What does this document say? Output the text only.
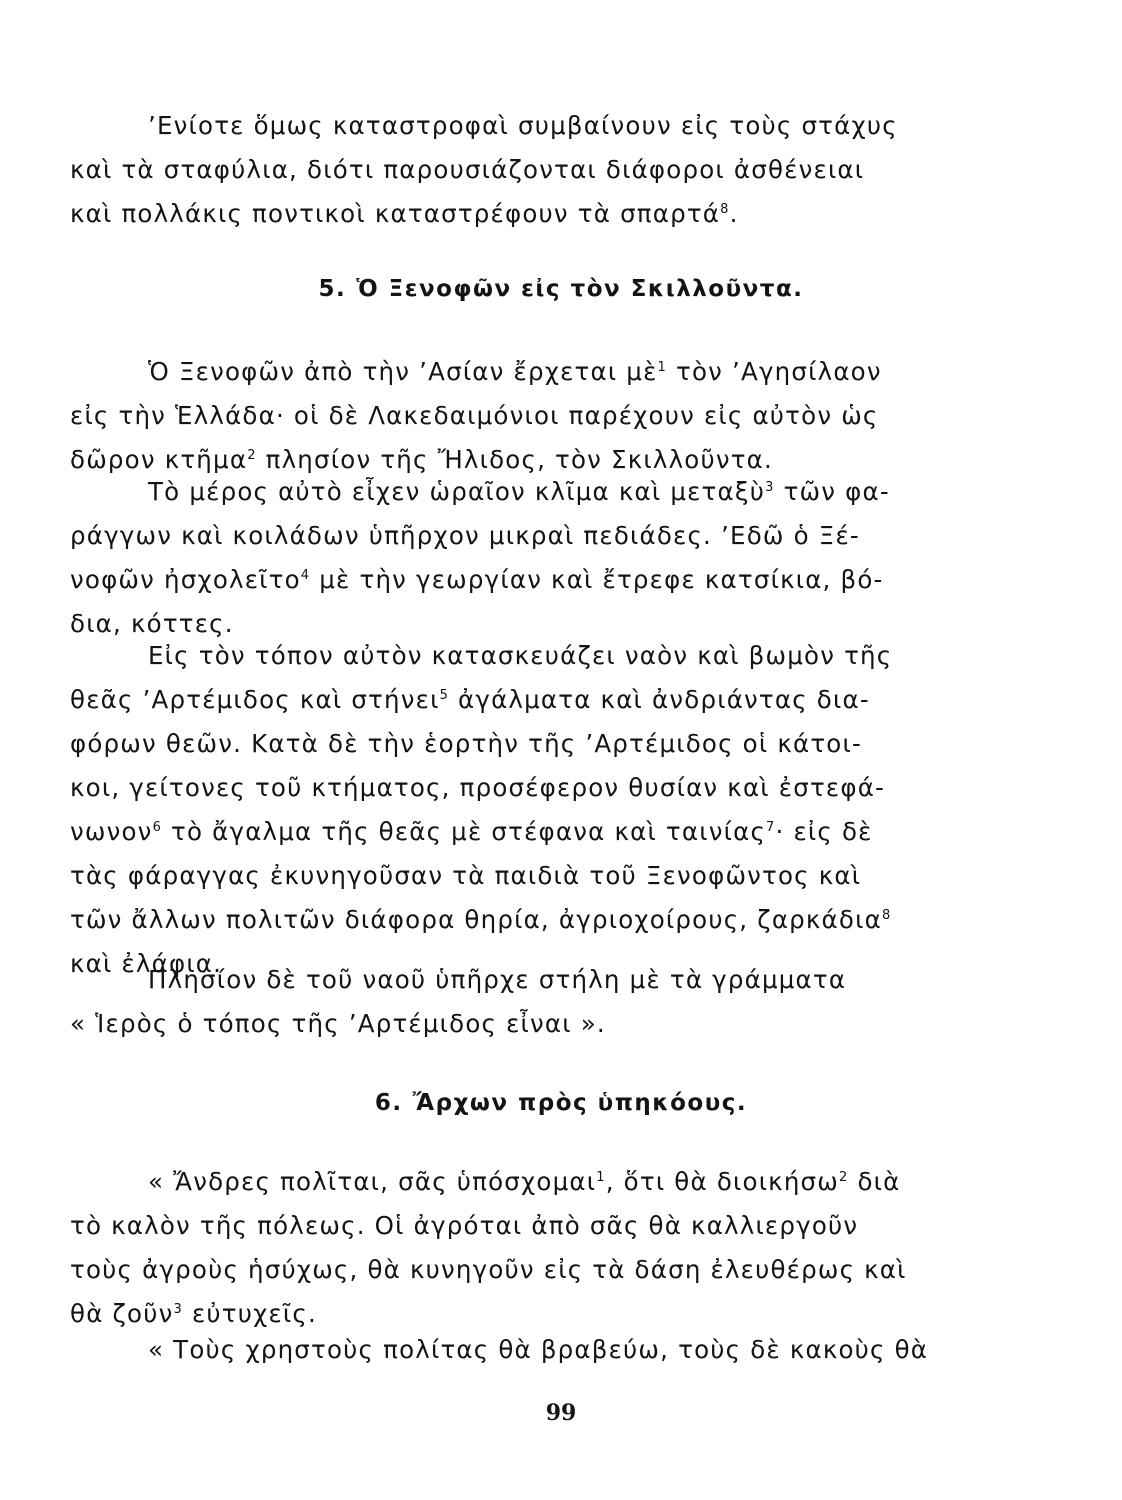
’Ενίοτε ὅμως καταστροφαὶ συμβαίνουν εἰς τοὺς στάχυς
καὶ τὰ σταφύλια, διότι παρουσιάζονται διάφοροι ἀσθένειαι
καὶ πολλάκις ποντικοὶ καταστρέφουν τὰ σπαρτά$^8$.
5. Ὁ Ξενοφῶν εἰς τὸν Σκιλλοῦντα.
Ὁ Ξενοφῶν ἀπὸ τὴν ’Ασίαν ἔρχεται μὲ$^1$ τὸν ’Αγησίλαον
εἰς τὴν Ἑλλάδα· οἱ δὲ Λακεδαιμόνιοι παρέχουν εἰς αὐτὸν ὡς
δῶρον κτῆμα$^2$ πλησίον τῆς Ἤλιδος, τὸν Σκιλλοῦντα.
Τὸ μέρος αὐτὸ εἶχεν ὡραῖον κλῖμα καὶ μεταξὺ$^3$ τῶν φα-
ράγγων καὶ κοιλάδων ὑπῆρχον μικραὶ πεδιάδες. ’Εδῶ ὁ Ξέ-
νοφῶν ἠσχολεῖτο$^4$ μὲ τὴν γεωργίαν καὶ ἔτρεφε κατσίκια, βό-
δια, κόττες.
Εἰς τὸν τόπον αὐτὸν κατασκευάζει ναὸν καὶ βωμὸν τῆς
θεᾶς ’Αρτέμιδος καὶ στήνει$^5$ ἀγάλματα καὶ ἀνδριάντας δια-
φόρων θεῶν. Κατὰ δὲ τὴν ἑορτὴν τῆς ’Αρτέμιδος οἱ κάτοι-
κοι, γείτονες τοῦ κτήματος, προσέφερον θυσίαν καὶ ἐστεφά-
νωνον$^6$ τὸ ἄγαλμα τῆς θεᾶς μὲ στέφανα καὶ ταινίας$^7$· εἰς δὲ
τὰς φάραγγας ἐκυνηγοῦσαν τὰ παιδιὰ τοῦ Ξενοφῶντος καὶ
τῶν ἄλλων πολιτῶν διάφορα θηρία, ἀγριοχοίρους, ζαρκάδια$^8$
καὶ ἐλάφια.
Πλησίον δὲ τοῦ ναοῦ ὑπῆρχε στήλη μὲ τὰ γράμματα
« Ἱερὸς ὁ τόπος τῆς ’Αρτέμιδος εἶναι ».
6. Ἄρχων πρὸς ὑπηκόους.
« Ἄνδρες πολῖται, σᾶς ὑπόσχομαι$^1$, ὅτι θὰ διοικήσω$^2$ διὰ
τὸ καλὸν τῆς πόλεως. Οἱ ἀγρόται ἀπὸ σᾶς θὰ καλλιεργοῦν
τοὺς ἀγροὺς ἡσύχως, θὰ κυνηγοῦν εἰς τὰ δάση ἐλευθέρως καὶ
θὰ ζοῦν$^3$ εὐτυχεῖς.
« Τοὺς χρηστοὺς πολίτας θὰ βραβεύω, τοὺς δὲ κακοὺς θὰ
99
